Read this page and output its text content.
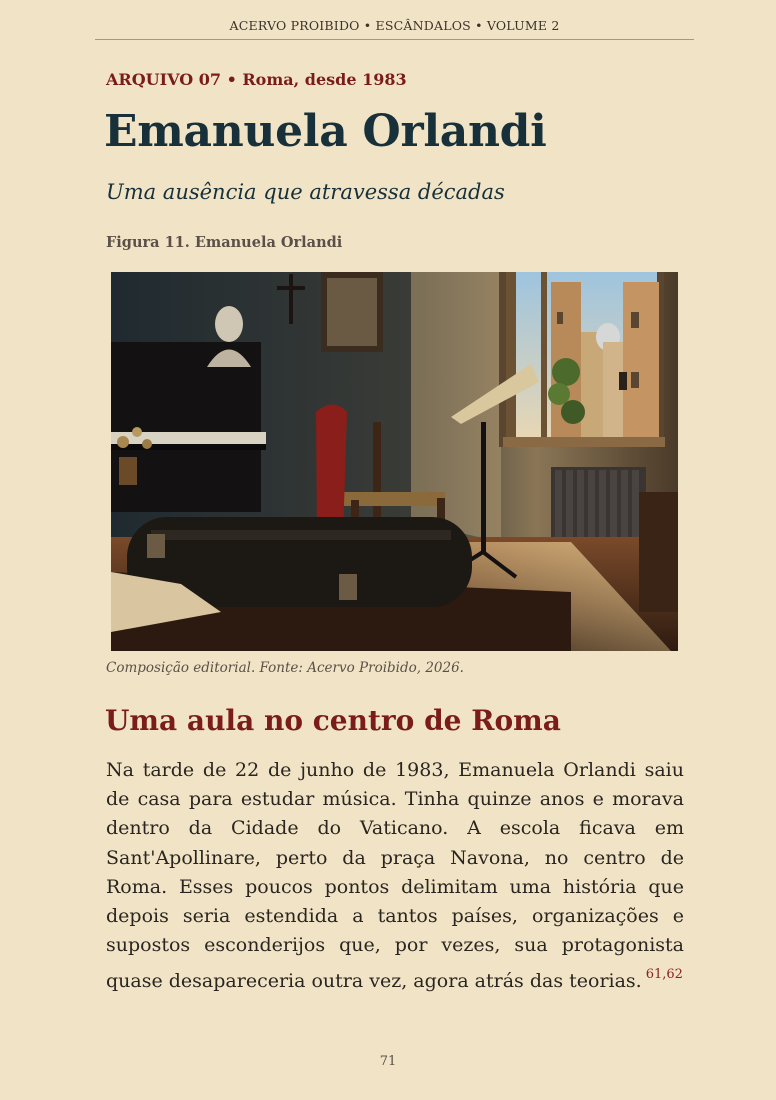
ACERVO PROIBIDO • ESCÂNDALOS • VOLUME 2
ARQUIVO 07 • Roma, desde 1983
Emanuela Orlandi
Uma ausência que atravessa décadas
Figura 11. Emanuela Orlandi
Composição editorial. Fonte: Acervo Proibido, 2026.
Uma aula no centro de Roma

Na tarde de 22 de junho de 1983, Emanuela Orlandi saiu de casa para estudar música. Tinha quinze anos e morava dentro da Cidade do Vaticano. A escola ficava em Sant'Apollinare, perto da praça Navona, no centro de Roma. Esses poucos pontos delimitam uma história que depois seria estendida a tantos países, organizações e supostos esconderijos que, por vezes, sua protagonista quase desapareceria outra vez, agora atrás das teorias. $^{61,62}$

71
